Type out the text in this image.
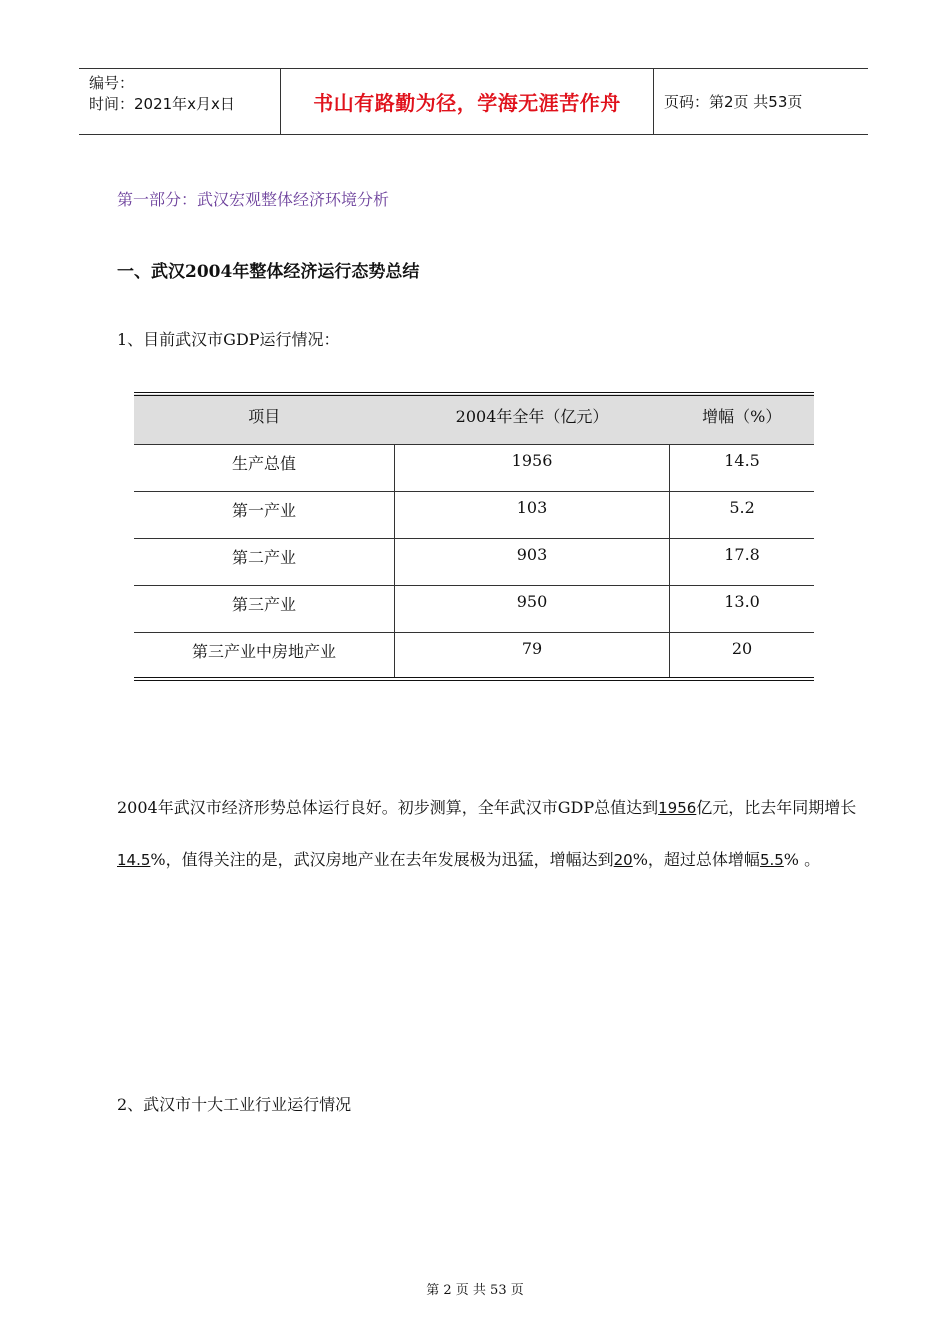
编号：
时间：2021年x月x日	书山有路勤为径，学海无涯苦作舟	页码：第2页 共53页
第一部分：武汉宏观整体经济环境分析
一、武汉2004年整体经济运行态势总结
1、目前武汉市GDP运行情况：
项目	2004年全年（亿元）	增幅（%）
生产总值	1956	14.5
第一产业	103	5.2
第二产业	903	17.8
第三产业	950	13.0
第三产业中房地产业	79	20
2004年武汉市经济形势总体运行良好。初步测算，全年武汉市GDP总值达到1956亿元，比去年同期增长14.5%，值得关注的是，武汉房地产业在去年发展极为迅猛，增幅达到20%，超过总体增幅5.5% 。
2、武汉市十大工业行业运行情况
第 2 页 共 53 页
